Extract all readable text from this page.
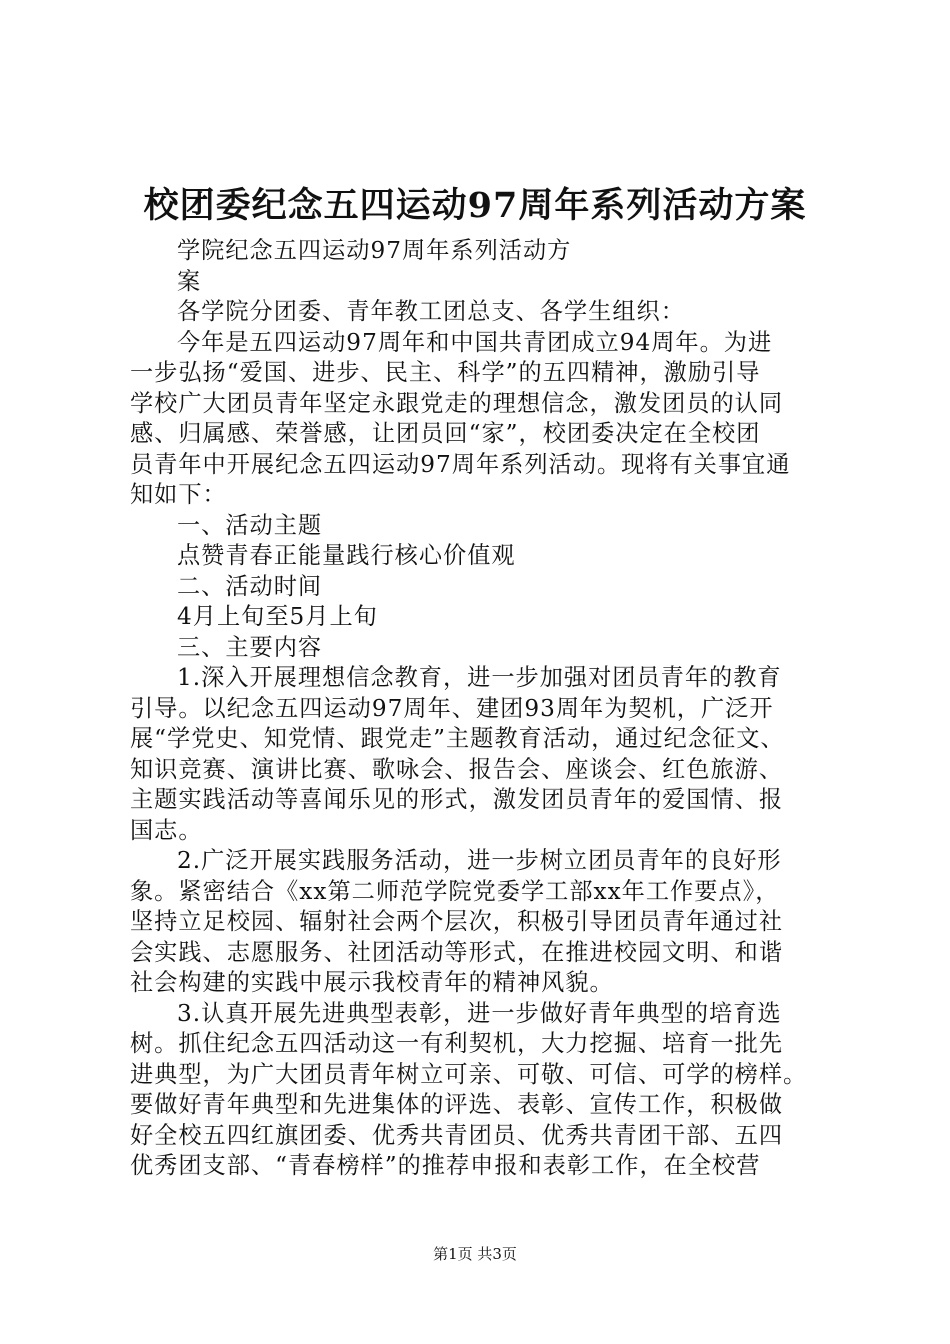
校团委纪念五四运动97周年系列活动方案
学院纪念五四运动97周年系列活动方
案
各学院分团委、青年教工团总支、各学生组织：
今年是五四运动97周年和中国共青团成立94周年。为进
一步弘扬“爱国、进步、民主、科学”的五四精神，激励引导
学校广大团员青年坚定永跟党走的理想信念，激发团员的认同
感、归属感、荣誉感，让团员回“家”，校团委决定在全校团
员青年中开展纪念五四运动97周年系列活动。现将有关事宜通
知如下：
一、活动主题
点赞青春正能量践行核心价值观
二、活动时间
4月上旬至5月上旬
三、主要内容
1.深入开展理想信念教育，进一步加强对团员青年的教育
引导。以纪念五四运动97周年、建团93周年为契机，广泛开
展“学党史、知党情、跟党走”主题教育活动，通过纪念征文、
知识竞赛、演讲比赛、歌咏会、报告会、座谈会、红色旅游、
主题实践活动等喜闻乐见的形式，激发团员青年的爱国情、报
国志。
2.广泛开展实践服务活动，进一步树立团员青年的良好形
象。紧密结合《xx第二师范学院党委学工部xx年工作要点》，
坚持立足校园、辐射社会两个层次，积极引导团员青年通过社
会实践、志愿服务、社团活动等形式，在推进校园文明、和谐
社会构建的实践中展示我校青年的精神风貌。
3.认真开展先进典型表彰，进一步做好青年典型的培育选
树。抓住纪念五四活动这一有利契机，大力挖掘、培育一批先
进典型，为广大团员青年树立可亲、可敬、可信、可学的榜样。
要做好青年典型和先进集体的评选、表彰、宣传工作，积极做
好全校五四红旗团委、优秀共青团员、优秀共青团干部、五四
优秀团支部、“青春榜样”的推荐申报和表彰工作，在全校营
第1页 共3页
